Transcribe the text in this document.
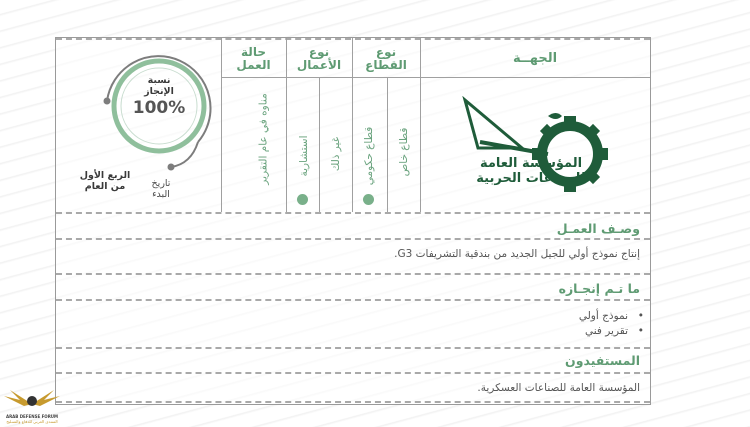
حالة
العمل
نوع
الأعمال
نوع
القطاع	الجهــة
مناوه في عام التقرير	استشارية غير ذلك قطاع حكومي قطاع خاص
نسبة
الإنجاز
100%
تاريخ
البدء
الربع الأول
من العام
المؤسسة العامة
للصناعات الحربية
وصـف العمـل
إنتاج نموذج أولي للجيل الجديد من بندقية التشريفات G3.
ما تـم إنجـازه
• نموذج أولي
• تقرير فني
المستفيدون
المؤسسة العامة للصناعات العسكرية.
ARAB DEFENSE FORUM
المنتدى العربي للدفاع والتسليح
